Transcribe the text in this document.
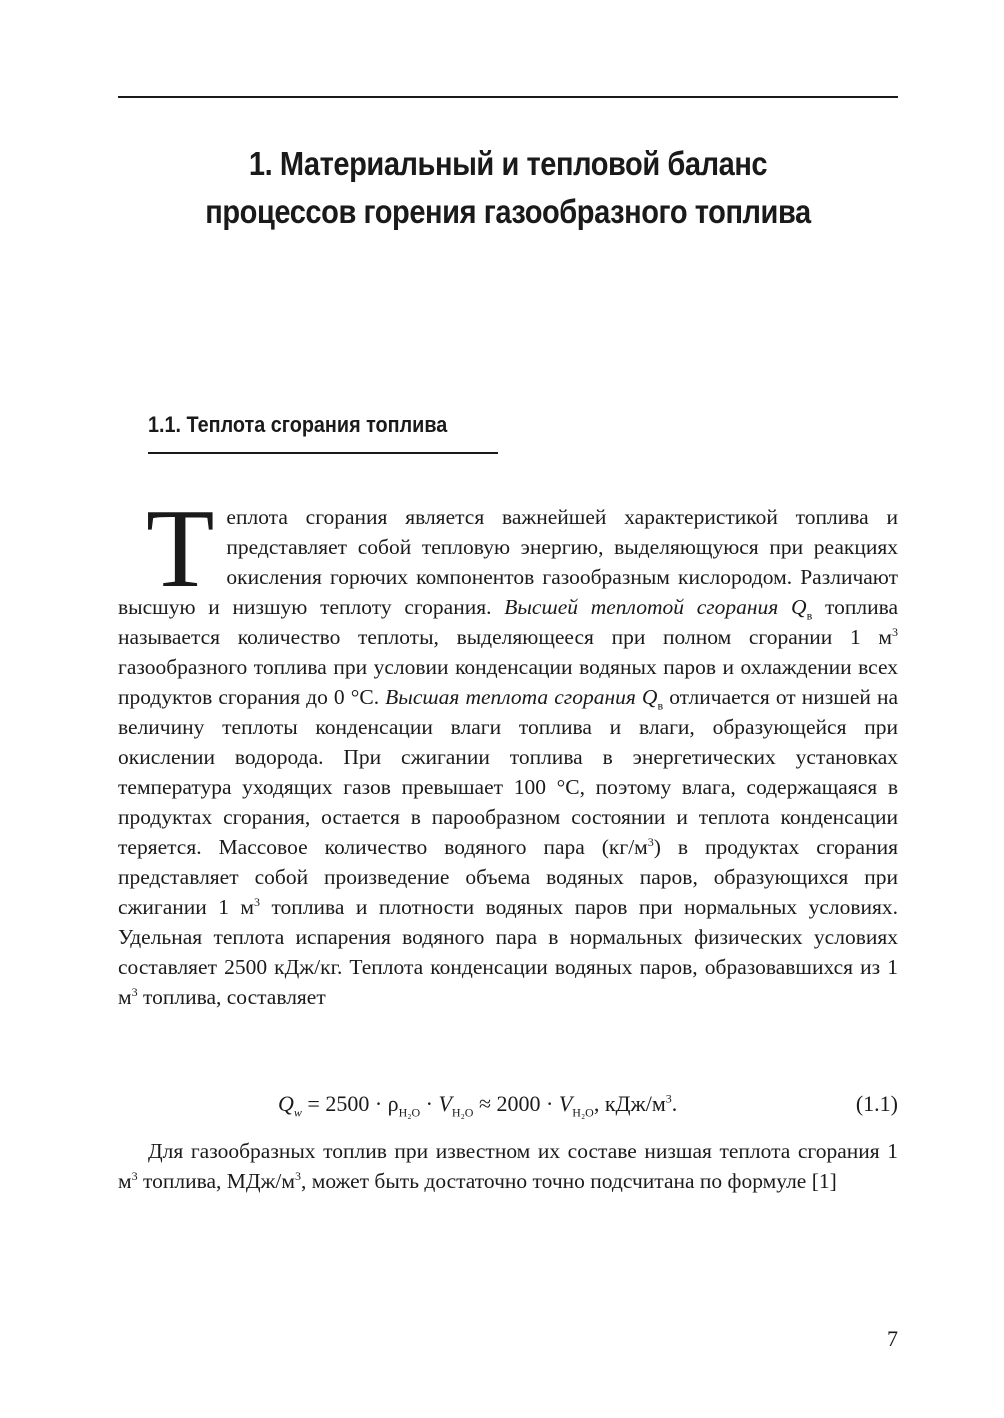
1. Материальный и тепловой баланс
процессов горения газообразного топлива
1.1. Теплота сгорания топлива

Теплота сгорания является важнейшей характеристикой топлива и представляет собой тепловую энергию, выделяющуюся при реакциях окисления горючих компонентов газообразным кислородом. Различают высшую и низшую теплоту сгорания. Высшей теплотой сгорания $Q_в$ топлива называется количество теплоты, выделяющееся при полном сгорании 1 $м^3$ газообразного топлива при условии конденсации водяных паров и охлаждении всех продуктов сгорания до 0 °C. Высшая теплота сгорания $Q_в$ отличается от низшей на величину теплоты конденсации влаги топлива и влаги, образующейся при окислении водорода. При сжигании топлива в энергетических установках температура уходящих газов превышает 100 °C, поэтому влага, содержащаяся в продуктах сгорания, остается в парообразном состоянии и теплота конденсации теряется. Массовое количество водяного пара $(кг/м^3)$ в продуктах сгорания представляет собой произведение объема водяных паров, образующихся при сжигании 1 $м^3$ топлива и плотности водяных паров при нормальных условиях. Удельная теплота испарения водяного пара в нормальных физических условиях составляет 2500 кДж/кг. Теплота конденсации водяных паров, образовавшихся из 1 $м^3$ топлива, составляет

$Q_w = 2500 \cdot \rho_{H_2O} \cdot V_{H_2O} \approx 2000 \cdot V_{H_2O}$, кДж/$м^3$.	(1.1)

Для газообразных топлив при известном их составе низшая теплота сгорания 1 $м^3$ топлива, МДж/$м^3$, может быть достаточно точно подсчитана по формуле [1]

7
